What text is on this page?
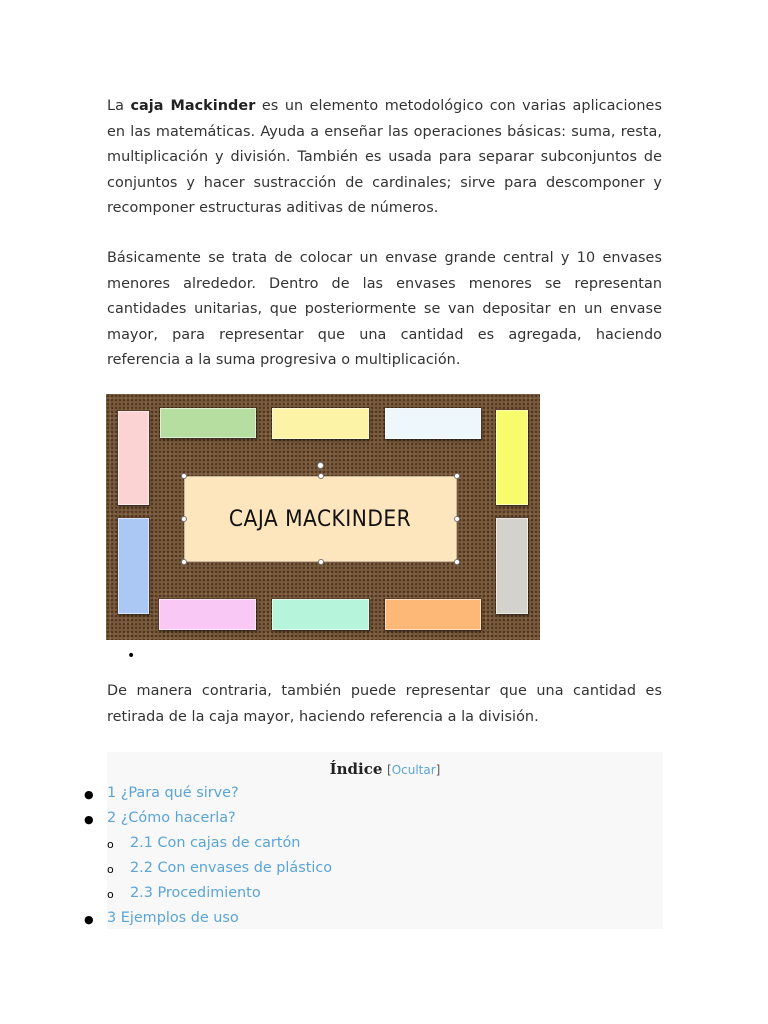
La caja Mackinder es un elemento metodológico con varias aplicaciones en las matemáticas. Ayuda a enseñar las operaciones básicas: suma, resta, multiplicación y división. También es usada para separar subconjuntos de conjuntos y hacer sustracción de cardinales; sirve para descomponer y recomponer estructuras aditivas de números.

Básicamente se trata de colocar un envase grande central y 10 envases menores alrededor. Dentro de las envases menores se representan cantidades unitarias, que posteriormente se van depositar en un envase mayor, para representar que una cantidad es agregada, haciendo referencia a la suma progresiva o multiplicación.

CAJA MACKINDER
•

De manera contraria, también puede representar que una cantidad es retirada de la caja mayor, haciendo referencia a la división.

Índice [Ocultar]
● 1 ¿Para qué sirve?
● 2 ¿Cómo hacerla?
o 2.1 Con cajas de cartón
o 2.2 Con envases de plástico
o 2.3 Procedimiento
● 3 Ejemplos de uso
